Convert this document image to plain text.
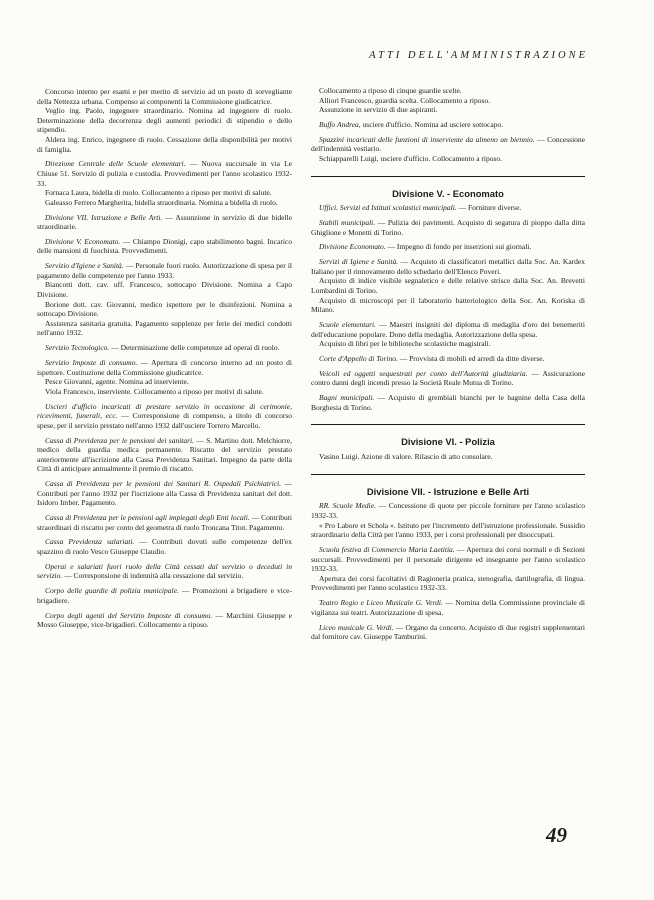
ATTI DELL'AMMINISTRAZIONE

Concorso interno per esami e per merito di servizio ad un posto di sorvegliante della Nettezza urbana. Compenso ai componenti la Commissione giudicatrice.

Veglio ing. Paolo, ingegnere straordinario. Nomina ad ingegnere di ruolo. Determinazione della decorrenza degli aumenti periodici di stipendio e dello stipendio.

Aldera ing. Enrico, ingegnere di ruolo. Cessazione della disponibilità per motivi di famiglia.

Direzione Centrale delle Scuole elementari. — Nuova succursale in via Le Chiuse 51. Servizio di pulizia e custodia. Provvedimenti per l'anno scolastico 1932-33.

Fornaca Laura, bidella di ruolo. Collocamento a riposo per motivi di salute.

Galeasso Ferrero Margherita, bidella straordinaria. Nomina a bidella di ruolo.

Divisione VII. Istruzione e Belle Arti. — Assunzione in servizio di due bidelle straordinarie.

Divisione V. Economato. — Chiampo Dionigi, capo stabilimento bagni. Incarico delle mansioni di fuochista. Provvedimenti.

Servizio d'Igiene e Sanità. — Personale fuori ruolo. Autorizzazione di spesa per il pagamento delle competenze per l'anno 1933.

Biancotti dott. cav. uff. Francesco, sottocapo Divisione. Nomina a Capo Divisione.

Borione dott. cav. Giovanni, medico ispettore per le disinfezioni. Nomina a sottocapo Divisione.

Assistenza sanitaria gratuita. Pagamento supplenze per ferie dei medici condotti nell'anno 1932.

Servizio Tecnologico. — Determinazione delle competenze ad operai di ruolo.

Servizio Imposte di consumo. — Apertura di concorso interno ad un posto di ispettore. Costituzione della Commissione giudicatrice.

Pesce Giovanni, agente. Nomina ad inserviente.

Viola Francesco, inserviente. Collocamento a riposo per motivi di salute.

Uscieri d'ufficio incaricati di prestare servizio in occasione di cerimonie, ricevimenti, funerali, ecc. — Corresponsione di compenso, a titolo di concorso spese, per il servizio prestato nell'anno 1932 dall'usciere Torrero Marcello.

Cassa di Previdenza per le pensioni dei sanitari. — S. Martino dott. Melchiorre, medico della guardia medica permanente. Riscatto del servizio prestato anteriormente all'iscrizione alla Cassa Previdenza Sanitari. Impegno da parte della Città di anticipare annualmente il premio di riscatto.

Cassa di Previdenza per le pensioni dei Sanitari R. Ospedali Psichiatrici. — Contributi per l'anno 1932 per l'iscrizione alla Cassa di Previdenza sanitari del dott. Isidoro Imber. Pagamento.

Cassa di Previdenza per le pensioni agli impiegati degli Enti locali. — Contributi straordinari di riscatto per conto del geometra di ruolo Troncana Titot. Pagamento.

Cassa Previdenza salariati. — Contributi dovuti sulle competenze dell'ex spazzino di ruolo Vesco Giuseppe Claudio.

Operai e salariati fuori ruolo della Città cessati dal servizio o deceduti in servizio. — Corresponsione di indennità alla cessazione dal servizio.

Corpo delle guardie di polizia municipale. — Promozioni a brigadiere e vice-brigadiere.

Corpo degli agenti del Servizio Imposte di consumo. — Marchini Giuseppe e Mosso Giuseppe, vice-brigadieri. Collocamento a riposo.

Collocamento a riposo di cinque guardie scelte.

Alliori Francesco, guardia scelta. Collocamento a riposo.

Assunzione in servizio di due aspiranti.

Buffo Andrea, usciere d'ufficio. Nomina ad usciere sottocapo.

Spazzini incaricati delle funzioni di inserviente da almeno un biennio. — Concessione dell'indennità vestiario.

Schiapparelli Luigi, usciere d'ufficio. Collocamento a riposo.

Divisione V. - Economato

Uffici. Servizi ed Istituti scolastici municipali. — Forniture diverse.

Stabili municipali. — Pulizia dei pavimenti. Acquisto di segatura di pioppo dalla ditta Ghiglione e Monetti di Torino.

Divisione Economato. — Impegno di fondo per inserzioni sui giornali.

Servizi di Igiene e Sanità. — Acquisto di classificatori metallici dalla Soc. An. Kardex Italiano per il rinnovamento dello schedario dell'Elenco Poveri.

Acquisto di indice visibile segnaletico e delle relative strisce dalla Soc. An. Brevetti Lombardini di Torino.

Acquisto di microscopi per il laboratorio batteriologico della Soc. An. Koriska di Milano.

Scuole elementari. — Maestri insigniti del diploma di medaglia d'oro dei benemeriti dell'educazione popolare. Dono della medaglia. Autorizzazione della spesa.

Acquisto di libri per le biblioteche scolastiche magistrali.

Corte d'Appello di Torino. — Provvista di mobili ed arredi da ditte diverse.

Veicoli ed oggetti sequestrati per conto dell'Autorità giudiziaria. — Assicurazione contro danni degli incendi presso la Società Reale Mutua di Torino.

Bagni municipali. — Acquisto di grembiali bianchi per le bagnine della Casa della Borghesia di Torino.

Divisione VI. - Polizia

Vasino Luigi. Azione di valore. Rilascio di atto consolare.

Divisione VII. - Istruzione e Belle Arti

RR. Scuole Medie. — Concessione di quote per piccole forniture per l'anno scolastico 1932-33.

« Pro Labore et Schola ». Istituto per l'incremento dell'istruzione professionale. Sussidio straordinario della Città per l'anno 1933, per i corsi professionali per disoccupati.

Scuola festiva di Commercio Maria Laetitia. — Apertura dei corsi normali e di Sezioni succursali. Provvedimenti per il personale dirigente ed insegnante per l'anno scolastico 1932-33.

Apertura dei corsi facoltativi di Ragioneria pratica, stenografia, dattilografia, di lingua. Provvedimenti per l'anno scolastico 1932-33.

Teatro Regio e Liceo Musicale G. Verdi. — Nomina della Commissione provinciale di vigilanza sui teatri. Autorizzazione di spesa.

Liceo musicale G. Verdi. — Organo da concerto. Acquisto di due registri supplementari dal fornitore cav. Giuseppe Tamburini.

49
